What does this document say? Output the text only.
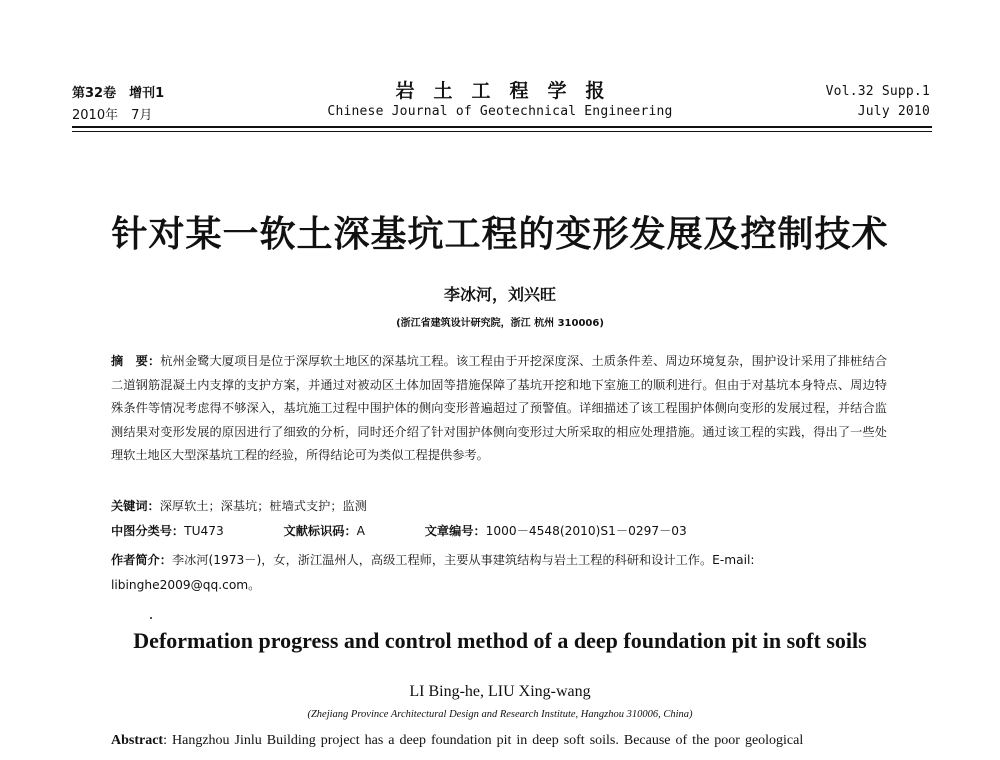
第32卷　增刊1
2010年　7月
岩　土　工　程　学　报
Chinese Journal of Geotechnical Engineering
Vol.32 Supp.1
July 2010
针对某一软土深基坑工程的变形发展及控制技术
李冰河，刘兴旺
(浙江省建筑设计研究院，浙江 杭州 310006)
摘　要：杭州金鹭大厦项目是位于深厚软土地区的深基坑工程。该工程由于开挖深度深、土质条件差、周边环境复杂，围护设计采用了排桩结合二道钢筋混凝土内支撑的支护方案，并通过对被动区土体加固等措施保障了基坑开挖和地下室施工的顺利进行。但由于对基坑本身特点、周边特殊条件等情况考虑得不够深入，基坑施工过程中围护体的侧向变形普遍超过了预警值。详细描述了该工程围护体侧向变形的发展过程，并结合监测结果对变形发展的原因进行了细致的分析，同时还介绍了针对围护体侧向变形过大所采取的相应处理措施。通过该工程的实践，得出了一些处理软土地区大型深基坑工程的经验，所得结论可为类似工程提供参考。
关键词：深厚软土；深基坑；桩墙式支护；监测
中图分类号：TU473	文献标识码：A	文章编号：1000－4548(2010)S1－0297－03
作者简介：李冰河(1973－)，女，浙江温州人，高级工程师，主要从事建筑结构与岩土工程的科研和设计工作。E-mail:
libinghe2009@qq.com。
Deformation progress and control method of a deep foundation pit in soft soils
LI Bing-he, LIU Xing-wang
(Zhejiang Province Architectural Design and Research Institute, Hangzhou 310006, China)
Abstract: Hangzhou Jinlu Building project has a deep foundation pit in deep soft soils. Because of the poor geological
